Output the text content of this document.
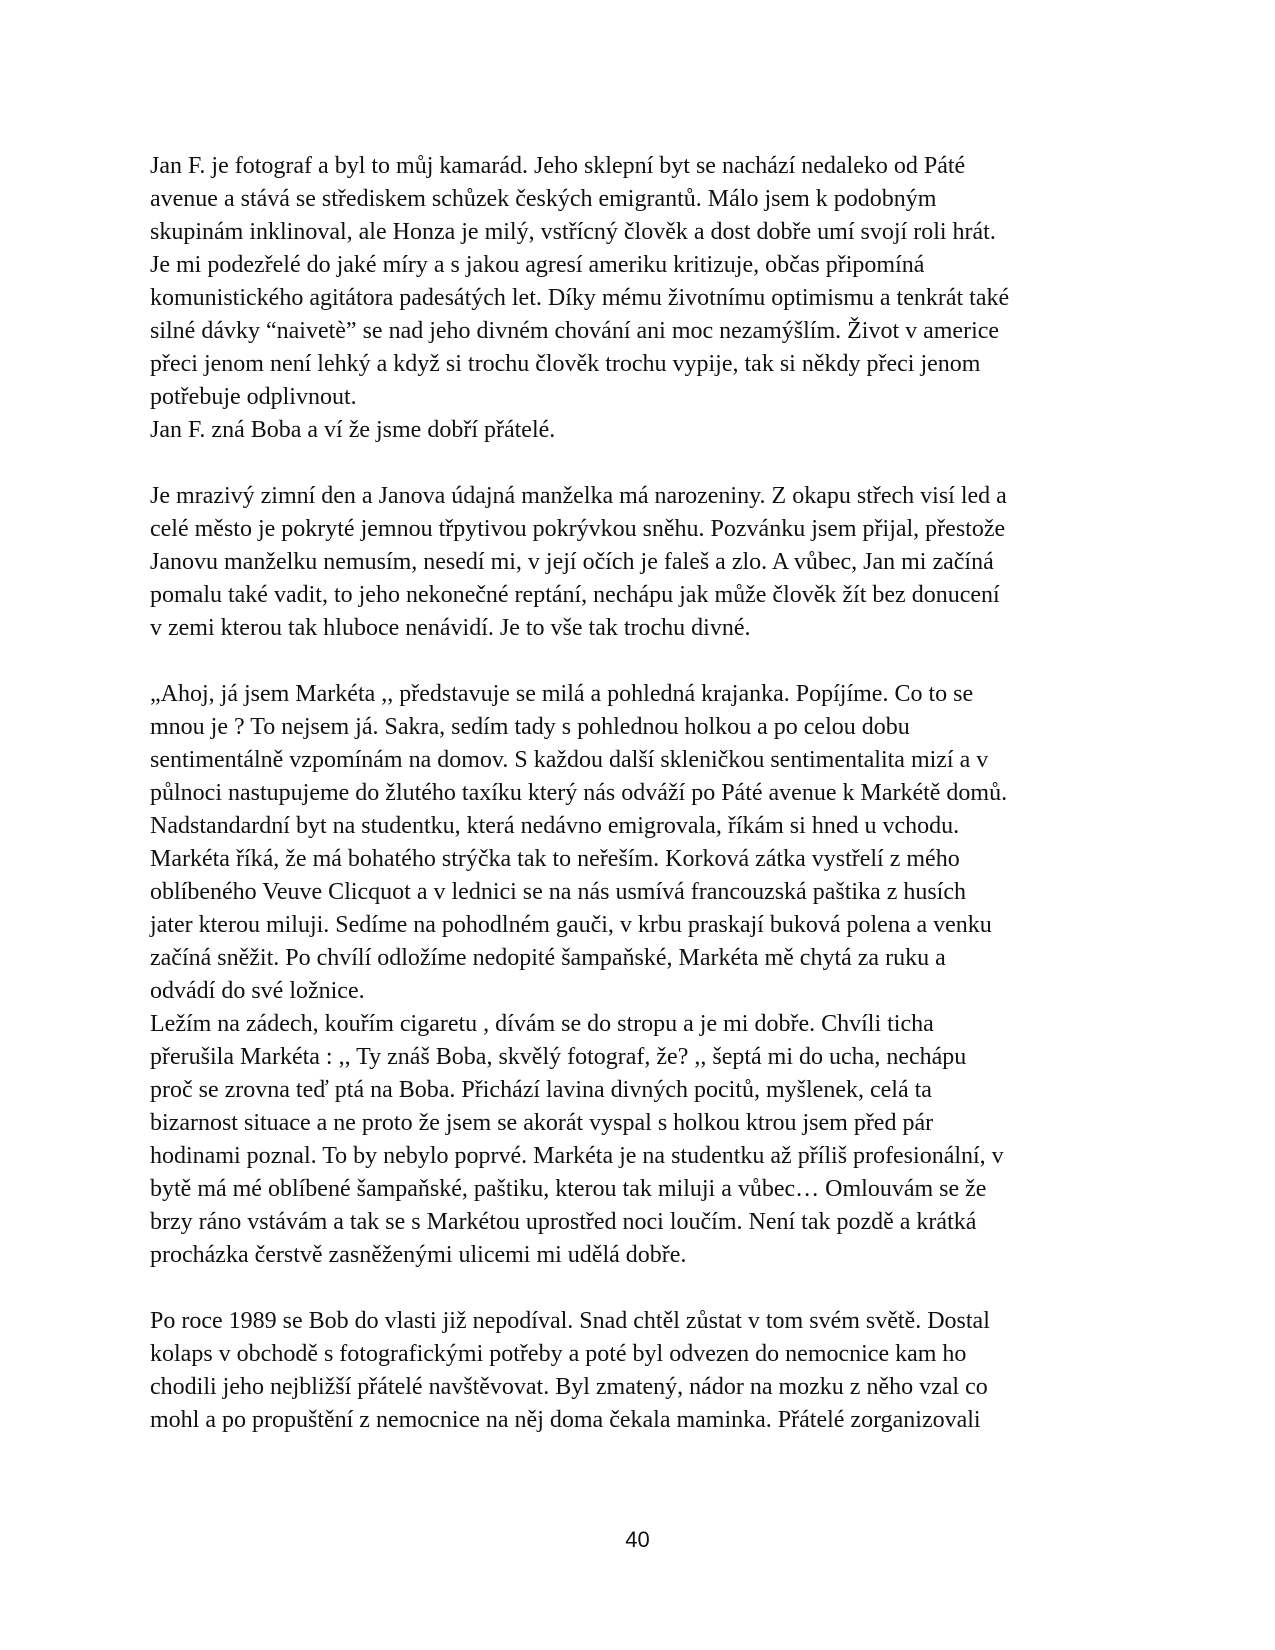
Jan F. je fotograf a byl to můj kamarád. Jeho sklepní byt se nachází nedaleko od Páté
avenue a stává se střediskem schůzek českých emigrantů. Málo jsem k podobným
skupinám inklinoval, ale Honza je milý, vstřícný člověk a dost dobře umí svojí roli hrát.
Je mi podezřelé do jaké míry a s jakou agresí ameriku kritizuje, občas připomíná
komunistického agitátora padesátých let. Díky mému životnímu optimismu a tenkrát také
silné dávky “naivetè” se nad jeho divném chování ani moc nezamýšlím. Život v americe
přeci jenom není lehký a když si trochu člověk trochu vypije, tak si někdy přeci jenom
potřebuje odplivnout.
Jan F. zná Boba a ví že jsme dobří přátelé.
Je mrazivý zimní den a Janova údajná manželka má narozeniny. Z okapu střech visí led a
celé město je pokryté jemnou třpytivou pokrývkou sněhu. Pozvánku jsem přijal, přestože
Janovu manželku nemusím, nesedí mi, v její očích je faleš a zlo. A vůbec, Jan mi začíná
pomalu také vadit, to jeho nekonečné reptání, nechápu jak může člověk žít bez donucení
v zemi kterou tak hluboce nenávidí. Je to vše tak trochu divné.
„Ahoj, já jsem Markéta ,, představuje se milá a pohledná krajanka. Popíjíme. Co to se
mnou je ? To nejsem já. Sakra, sedím tady s pohlednou holkou a po celou dobu
sentimentálně vzpomínám na domov. S každou další skleničkou sentimentalita mizí a v
půlnoci nastupujeme do žlutého taxíku který nás odváží po Páté avenue k Markétě domů.
Nadstandardní byt na studentku, která nedávno emigrovala, říkám si hned u vchodu.
Markéta říká, že má bohatého strýčka tak to neřeším. Korková zátka vystřelí z mého
oblíbeného Veuve Clicquot a v lednici se na nás usmívá francouzská paštika z husích
jater kterou miluji. Sedíme na pohodlném gauči, v krbu praskají buková polena a venku
začíná sněžit. Po chvílí odložíme nedopité šampaňské, Markéta mě chytá za ruku a
odvádí do své ložnice.
Ležím na zádech, kouřím cigaretu , dívám se do stropu a je mi dobře. Chvíli ticha
přerušila Markéta : ,, Ty znáš Boba, skvělý fotograf, že? ,, šeptá mi do ucha, nechápu
proč se zrovna teď ptá na Boba. Přichází lavina divných pocitů, myšlenek, celá ta
bizarnost situace a ne proto že jsem se akorát vyspal s holkou ktrou jsem před pár
hodinami poznal. To by nebylo poprvé. Markéta je na studentku až příliš profesionální, v
bytě má mé oblíbené šampaňské, paštiku, kterou tak miluji a vůbec… Omlouvám se že
brzy ráno vstávám a tak se s Markétou uprostřed noci loučím. Není tak pozdě a krátká
procházka čerstvě zasněženými ulicemi mi udělá dobře.
Po roce 1989 se Bob do vlasti již nepodíval. Snad chtěl zůstat v tom svém světě. Dostal
kolaps v obchodě s fotografickými potřeby a poté byl odvezen do nemocnice kam ho
chodili jeho nejbližší přátelé navštěvovat. Byl zmatený, nádor na mozku z něho vzal co
mohl a po propuštění z nemocnice na něj doma čekala maminka. Přátelé zorganizovali
40
